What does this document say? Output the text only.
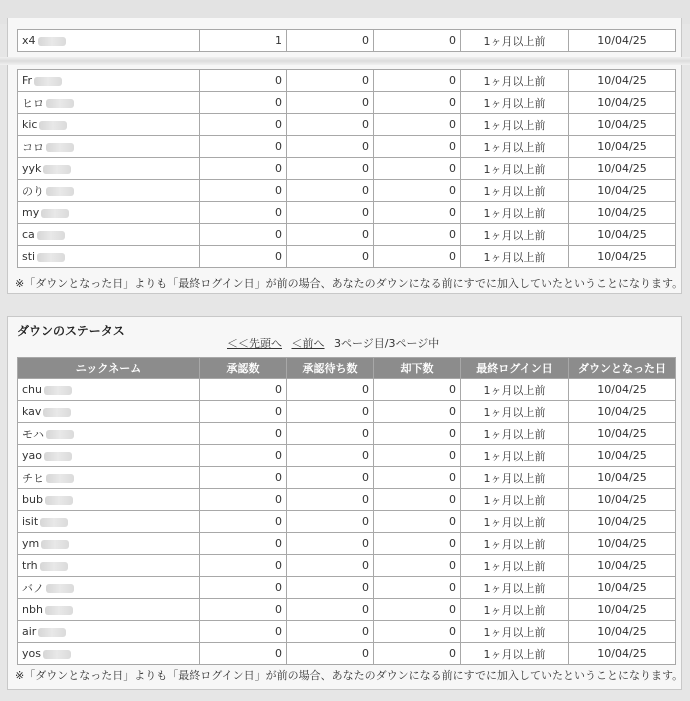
x4	1	0	0	1ヶ月以上前	10/04/25
Fr	0	0	0	1ヶ月以上前	10/04/25
ヒロ	0	0	0	1ヶ月以上前	10/04/25
kic	0	0	0	1ヶ月以上前	10/04/25
コロ	0	0	0	1ヶ月以上前	10/04/25
yyk	0	0	0	1ヶ月以上前	10/04/25
のり	0	0	0	1ヶ月以上前	10/04/25
my	0	0	0	1ヶ月以上前	10/04/25
ca	0	0	0	1ヶ月以上前	10/04/25
sti	0	0	0	1ヶ月以上前	10/04/25
※「ダウンとなった日」よりも「最終ログイン日」が前の場合、あなたのダウンになる前にすでに加入していたということになります。
ダウンのステータス
＜＜先頭へ ＜前へ 3ページ目/3ページ中
ニックネーム	承認数	承認待ち数	却下数	最終ログイン日	ダウンとなった日
chu	0	0	0	1ヶ月以上前	10/04/25
kav	0	0	0	1ヶ月以上前	10/04/25
モハ	0	0	0	1ヶ月以上前	10/04/25
yao	0	0	0	1ヶ月以上前	10/04/25
チヒ	0	0	0	1ヶ月以上前	10/04/25
bub	0	0	0	1ヶ月以上前	10/04/25
isit	0	0	0	1ヶ月以上前	10/04/25
ym	0	0	0	1ヶ月以上前	10/04/25
trh	0	0	0	1ヶ月以上前	10/04/25
バノ	0	0	0	1ヶ月以上前	10/04/25
nbh	0	0	0	1ヶ月以上前	10/04/25
air	0	0	0	1ヶ月以上前	10/04/25
yos	0	0	0	1ヶ月以上前	10/04/25
※「ダウンとなった日」よりも「最終ログイン日」が前の場合、あなたのダウンになる前にすでに加入していたということになります。
